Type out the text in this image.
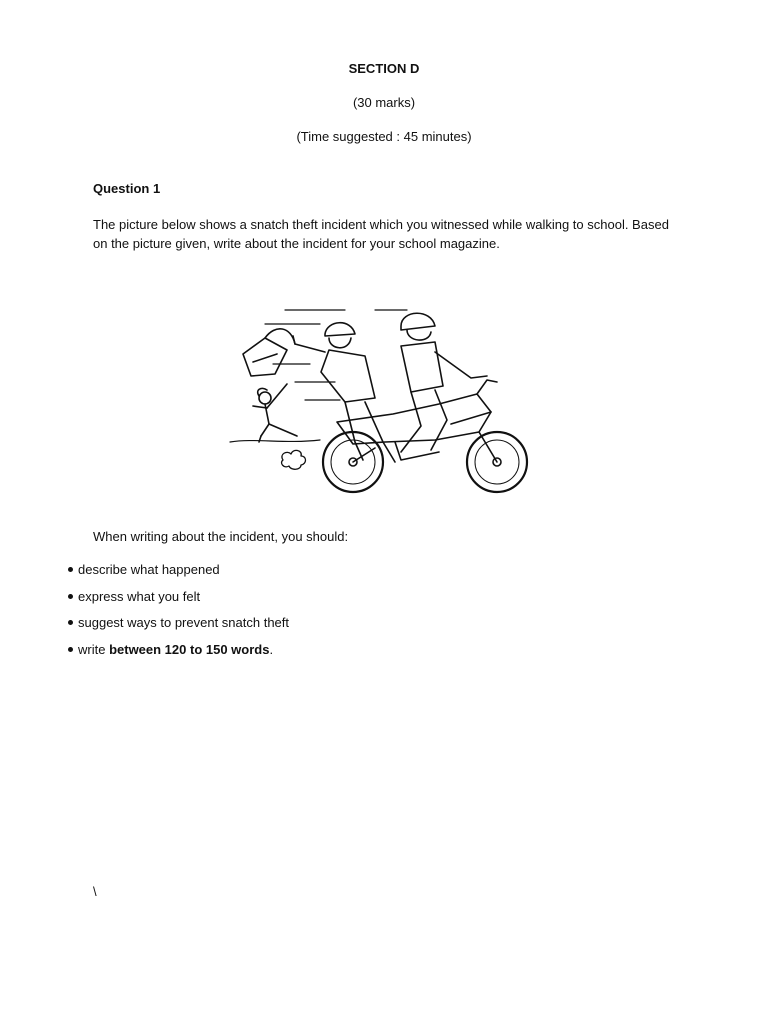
SECTION D
(30 marks)
(Time suggested : 45 minutes)
Question 1
The picture below shows a snatch theft incident which you witnessed while walking to school. Based on the picture given, write about the incident for your school magazine.
When writing about the incident, you should:
describe what happened
express what you felt
suggest ways to prevent snatch theft
write between 120 to 150 words.
\
